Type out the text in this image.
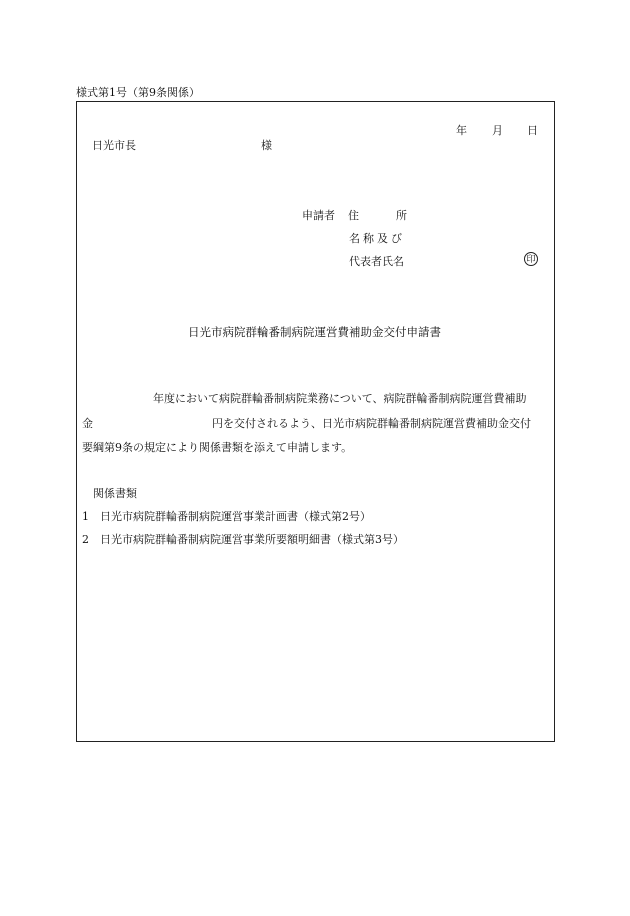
様式第1号（第9条関係）
年 月 日
日光市長	様
申請者 住	所
名称及び
代表者氏名	印
日光市病院群輪番制病院運営費補助金交付申請書
年度において病院群輪番制病院業務について、病院群輪番制病院運営費補助
金	円を交付されるよう、日光市病院群輪番制病院運営費補助金交付
要綱第9条の規定により関係書類を添えて申請します。
関係書類
1 日光市病院群輪番制病院運営事業計画書（様式第2号）
2 日光市病院群輪番制病院運営事業所要額明細書（様式第3号）
